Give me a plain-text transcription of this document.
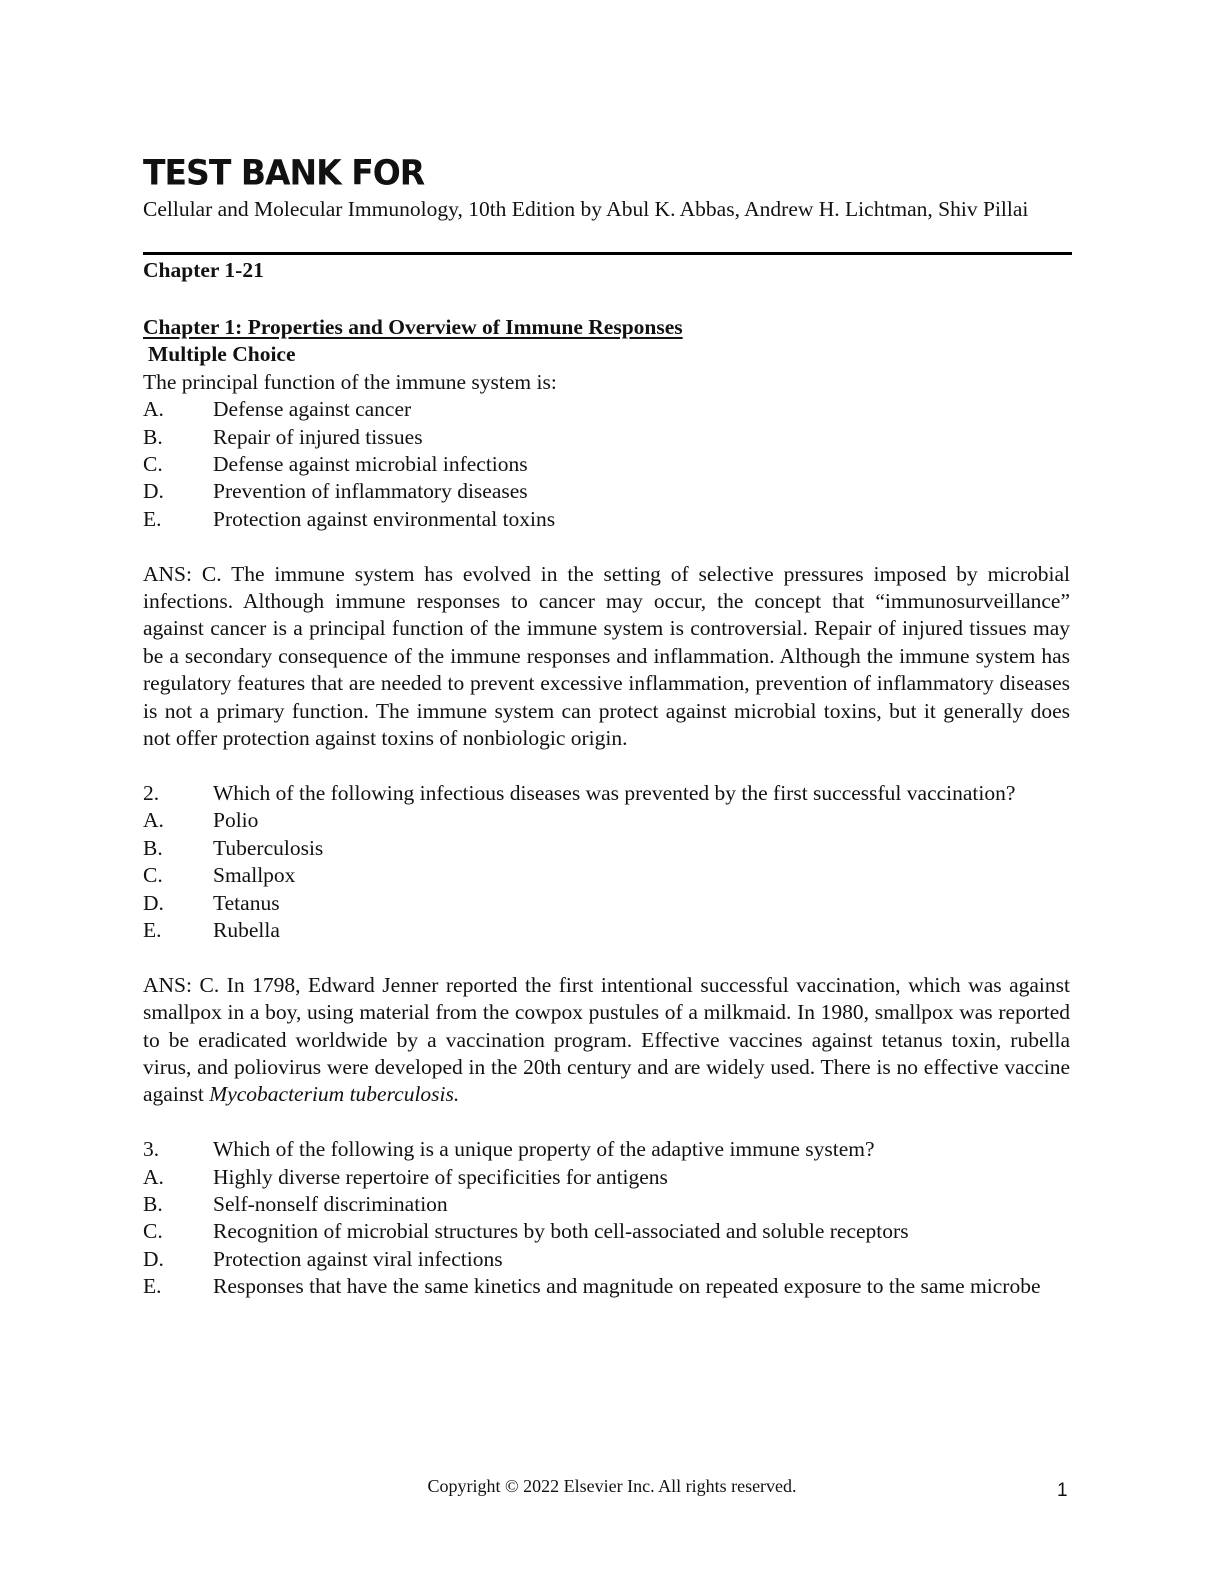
TEST BANK FOR
Cellular and Molecular Immunology, 10th Edition by Abul K. Abbas, Andrew H. Lichtman, Shiv Pillai
Chapter 1-21

Chapter 1: Properties and Overview of Immune Responses

Multiple Choice

The principal function of the immune system is:

A.	Defense against cancer
B.	Repair of injured tissues
C.	Defense against microbial infections
D.	Prevention of inflammatory diseases
E.	Protection against environmental toxins

ANS: C. The immune system has evolved in the setting of selective pressures imposed by microbial infections. Although immune responses to cancer may occur, the concept that “immunosurveillance” against cancer is a principal function of the immune system is controversial. Repair of injured tissues may be a secondary consequence of the immune responses and inflammation. Although the immune system has regulatory features that are needed to prevent excessive inflammation, prevention of inflammatory diseases is not a primary function. The immune system can protect against microbial toxins, but it generally does not offer protection against toxins of nonbiologic origin.

2.	Which of the following infectious diseases was prevented by the first successful vaccination?

A.	Polio
B.	Tuberculosis
C.	Smallpox
D.	Tetanus
E.	Rubella

ANS: C. In 1798, Edward Jenner reported the first intentional successful vaccination, which was against smallpox in a boy, using material from the cowpox pustules of a milkmaid. In 1980, smallpox was reported to be eradicated worldwide by a vaccination program. Effective vaccines against tetanus toxin, rubella virus, and poliovirus were developed in the 20th century and are widely used. There is no effective vaccine against Mycobacterium tuberculosis.

3.	Which of the following is a unique property of the adaptive immune system?
A.	Highly diverse repertoire of specificities for antigens
B.	Self-nonself discrimination
C.	Recognition of microbial structures by both cell-associated and soluble receptors
D.	Protection against viral infections

E. Responses that have the same kinetics and magnitude on repeated exposure to the same microbe

Copyright © 2022 Elsevier Inc. All rights reserved.	1
